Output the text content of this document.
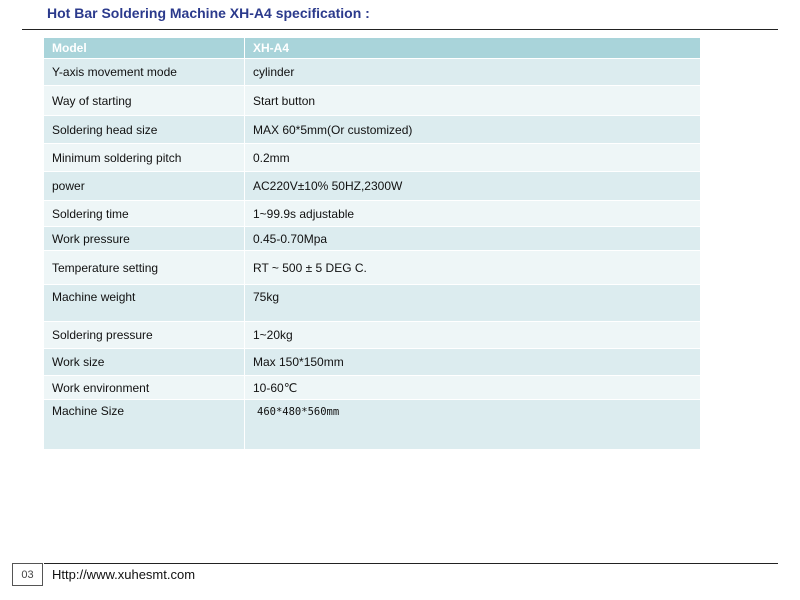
Hot Bar Soldering Machine XH-A4 specification :
Model	XH-A4
Y-axis movement mode	cylinder
Way of starting	Start button
Soldering head size	MAX 60*5mm(Or customized)
Minimum soldering pitch	0.2mm
power	AC220V±10% 50HZ,2300W
Soldering time	1~99.9s adjustable
Work pressure	0.45-0.70Mpa
Temperature setting	RT ~ 500 ± 5 DEG C.
Machine weight	75kg
Soldering pressure	1~20kg
Work size	Max 150*150mm
Work environment	10-60℃
Machine Size	460*480*560mm
03	Http://www.xuhesmt.com
